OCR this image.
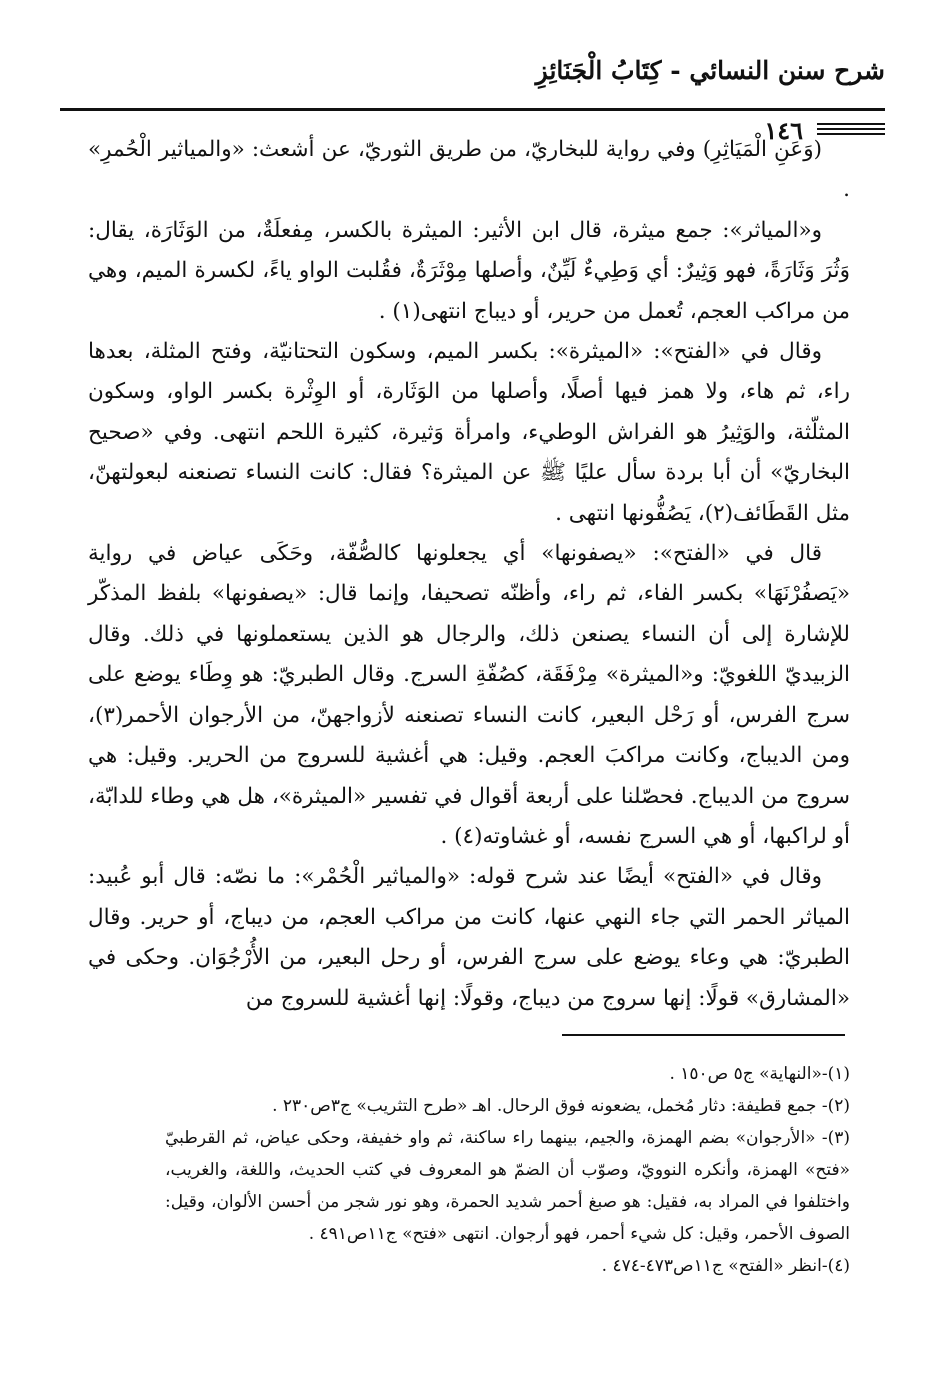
شرح سنن النسائي - كِتَابُ الْجَنَائِزِ
١٤٦

(وَعَنِ الْمَيَاثِرِ) وفي رواية للبخاريّ، من طريق الثوريّ، عن أشعث: «والمياثير الْحُمرِ» .

و«المياثر»: جمع ميثرة، قال ابن الأثير: الميثرة بالكسر، مِفعلَةٌ، من الوَثَارَة، يقال: وَثُرَ وَثَارَةً، فهو وَثِيرٌ: أي وَطِيءٌ لَيِّنٌ، وأصلها مِوْثَرَةٌ، فقُلبت الواو ياءً، لكسرة الميم، وهي من مراكب العجم، تُعمل من حرير، أو ديباج انتهى(١) .

وقال في «الفتح»: «الميثرة»: بكسر الميم، وسكون التحتانيّة، وفتح المثلة، بعدها راء، ثم هاء، ولا همز فيها أصلًا، وأصلها من الوَثَارة، أو الوِثْرة بكسر الواو، وسكون المثلّثة، والوَثِيرُ هو الفراش الوطيء، وامرأة وَثيرة، كثيرة اللحم انتهى. وفي «صحيح البخاريّ» أن أبا بردة سأل عليًا ﷺ عن الميثرة؟ فقال: كانت النساء تصنعنه لبعولتهنّ، مثل القَطَائف(٢)، يَصُفُّونها انتهى .

قال في «الفتح»: «يصفونها» أي يجعلونها كالصُّفّة، وحَكَى عياض في رواية «يَصفُرْنَهَا» بكسر الفاء، ثم راء، وأظنّه تصحيفا، وإنما قال: «يصفونها» بلفظ المذكّر للإشارة إلى أن النساء يصنعن ذلك، والرجال هو الذين يستعملونها في ذلك. وقال الزبيديّ اللغويّ: و«الميثرة» مِرْفَقَة، كصُفّةِ السرج. وقال الطبريّ: هو وِطَاء يوضع على سرج الفرس، أو رَحْل البعير، كانت النساء تصنعنه لأزواجهنّ، من الأرجوان الأحمر(٣)، ومن الديباج، وكانت مراكبَ العجم. وقيل: هي أغشية للسروج من الحرير. وقيل: هي سروج من الديباج. فحصّلنا على أربعة أقوال في تفسير «الميثرة»، هل هي وطاء للدابّة، أو لراكبها، أو هي السرج نفسه، أو غشاوته(٤) .

وقال في «الفتح» أيضًا عند شرح قوله: «والمياثير الْحُمْر»: ما نصّه: قال أبو عُبيد: المياثر الحمر التي جاء النهي عنها، كانت من مراكب العجم، من ديباج، أو حرير. وقال الطبريّ: هي وعاء يوضع على سرج الفرس، أو رحل البعير، من الأُرْجُوَان. وحكى في «المشارق» قولًا: إنها سروج من ديباج، وقولًا: إنها أغشية للسروج من

(١)-«النهاية» ج٥ ص١٥٠ .

(٢)- جمع قطيفة: دثار مُخمل، يضعونه فوق الرحال. اهـ «طرح التثريب» ج٣ص٢٣٠ .

(٣)- «الأرجوان» بضم الهمزة، والجيم، بينهما راء ساكنة، ثم واو خفيفة، وحكى عياض، ثم القرطبيّ «فتح» الهمزة، وأنكره النوويّ، وصوّب أن الضمّ هو المعروف في كتب الحديث، واللغة، والغريب، واختلفوا في المراد به، فقيل: هو صبغ أحمر شديد الحمرة، وهو نور شجر من أحسن الألوان، وقيل: الصوف الأحمر، وقيل: كل شيء أحمر، فهو أرجوان. انتهى «فتح» ج١١ص٤٩١ .

(٤)-انظر «الفتح» ج١١ص٤٧٣-٤٧٤ .
